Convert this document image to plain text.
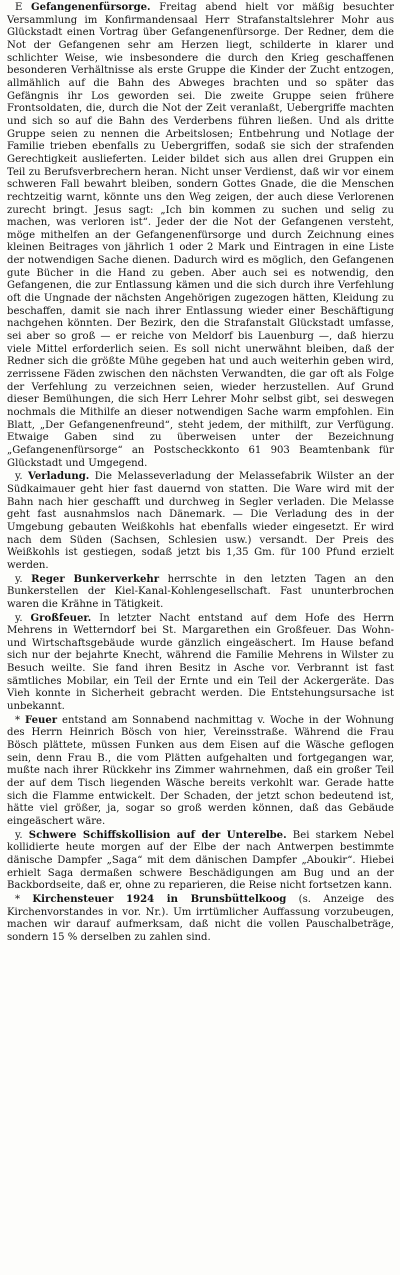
E Gefangenenfürsorge. Freitag abend hielt vor mäßig besuchter Versammlung im Konfirmandensaal Herr Strafanstaltslehrer Mohr aus Glückstadt einen Vortrag über Gefangenenfürsorge. Der Redner, dem die Not der Gefangenen sehr am Herzen liegt, schilderte in klarer und schlichter Weise, wie insbesondere die durch den Krieg geschaffenen besonderen Verhältnisse als erste Gruppe die Kinder der Zucht entzogen, allmählich auf die Bahn des Abweges brachten und so später das Gefängnis ihr Los geworden sei. Die zweite Gruppe seien frühere Frontsoldaten, die, durch die Not der Zeit veranlaßt, Uebergriffe machten und sich so auf die Bahn des Verderbens führen ließen. Und als dritte Gruppe seien zu nennen die Arbeitslosen; Entbehrung und Notlage der Familie trieben ebenfalls zu Uebergriffen, sodaß sie sich der strafenden Gerechtigkeit auslieferten. Leider bildet sich aus allen drei Gruppen ein Teil zu Berufsverbrechern heran. Nicht unser Verdienst, daß wir vor einem schweren Fall bewahrt bleiben, sondern Gottes Gnade, die die Menschen rechtzeitig warnt, könnte uns den Weg zeigen, der auch diese Verlorenen zurecht bringt. Jesus sagt: „Ich bin kommen zu suchen und selig zu machen, was verloren ist“. Jeder der die Not der Gefangenen versteht, möge mithelfen an der Gefangenenfürsorge und durch Zeichnung eines kleinen Beitrages von jährlich 1 oder 2 Mark und Eintragen in eine Liste der notwendigen Sache dienen. Dadurch wird es möglich, den Gefangenen gute Bücher in die Hand zu geben. Aber auch sei es notwendig, den Gefangenen, die zur Entlassung kämen und die sich durch ihre Verfehlung oft die Ungnade der nächsten Angehörigen zugezogen hätten, Kleidung zu beschaffen, damit sie nach ihrer Entlassung wieder einer Beschäftigung nachgehen könnten. Der Bezirk, den die Strafanstalt Glückstadt umfasse, sei aber so groß — er reiche von Meldorf bis Lauenburg —, daß hierzu viele Mittel erforderlich seien. Es soll nicht unerwähnt bleiben, daß der Redner sich die größte Mühe gegeben hat und auch weiterhin geben wird, zerrissene Fäden zwischen den nächsten Verwandten, die gar oft als Folge der Verfehlung zu verzeichnen seien, wieder herzustellen. Auf Grund dieser Bemühungen, die sich Herr Lehrer Mohr selbst gibt, sei deswegen nochmals die Mithilfe an dieser notwendigen Sache warm empfohlen. Ein Blatt, „Der Gefangenenfreund“, steht jedem, der mithilft, zur Verfügung. Etwaige Gaben sind zu überweisen unter der Bezeichnung „Gefangenenfürsorge“ an Postscheckkonto 61 903 Beamtenbank für Glückstadt und Umgegend.

y. Verladung. Die Melasseverladung der Melassefabrik Wilster an der Südkaimauer geht hier fast dauernd von statten. Die Ware wird mit der Bahn nach hier geschafft und durchweg in Segler verladen. Die Melasse geht fast ausnahmslos nach Dänemark. — Die Verladung des in der Umgebung gebauten Weißkohls hat ebenfalls wieder eingesetzt. Er wird nach dem Süden (Sachsen, Schlesien usw.) versandt. Der Preis des Weißkohls ist gestiegen, sodaß jetzt bis 1,35 Gm. für 100 Pfund erzielt werden.

y. Reger Bunkerverkehr herrschte in den letzten Tagen an den Bunkerstellen der Kiel-Kanal-Kohlengesellschaft. Fast ununterbrochen waren die Krähne in Tätigkeit.

y. Großfeuer. In letzter Nacht entstand auf dem Hofe des Herrn Mehrens in Wetterndorf bei St. Margarethen ein Großfeuer. Das Wohn- und Wirtschaftsgebäude wurde gänzlich eingeäschert. Im Hause befand sich nur der bejahrte Knecht, während die Familie Mehrens in Wilster zu Besuch weilte. Sie fand ihren Besitz in Asche vor. Verbrannt ist fast sämtliches Mobilar, ein Teil der Ernte und ein Teil der Ackergeräte. Das Vieh konnte in Sicherheit gebracht werden. Die Entstehungsursache ist unbekannt.

* Feuer entstand am Sonnabend nachmittag v. Woche in der Wohnung des Herrn Heinrich Bösch von hier, Vereinsstraße. Während die Frau Bösch plättete, müssen Funken aus dem Eisen auf die Wäsche geflogen sein, denn Frau B., die vom Plätten aufgehalten und fortgegangen war, mußte nach ihrer Rückkehr ins Zimmer wahrnehmen, daß ein großer Teil der auf dem Tisch liegenden Wäsche bereits verkohlt war. Gerade hatte sich die Flamme entwickelt. Der Schaden, der jetzt schon bedeutend ist, hätte viel größer, ja, sogar so groß werden können, daß das Gebäude eingeäschert wäre.

y. Schwere Schiffskollision auf der Unterelbe. Bei starkem Nebel kollidierte heute morgen auf der Elbe der nach Antwerpen bestimmte dänische Dampfer „Saga“ mit dem dänischen Dampfer „Aboukir“. Hiebei erhielt Saga dermaßen schwere Beschädigungen am Bug und an der Backbordseite, daß er, ohne zu reparieren, die Reise nicht fortsetzen kann.

* Kirchensteuer 1924 in Brunsbüttelkoog (s. Anzeige des Kirchenvorstandes in vor. Nr.). Um irrtümlicher Auffassung vorzubeugen, machen wir darauf aufmerksam, daß nicht die vollen Pauschalbeträge, sondern 15 % derselben zu zahlen sind.
